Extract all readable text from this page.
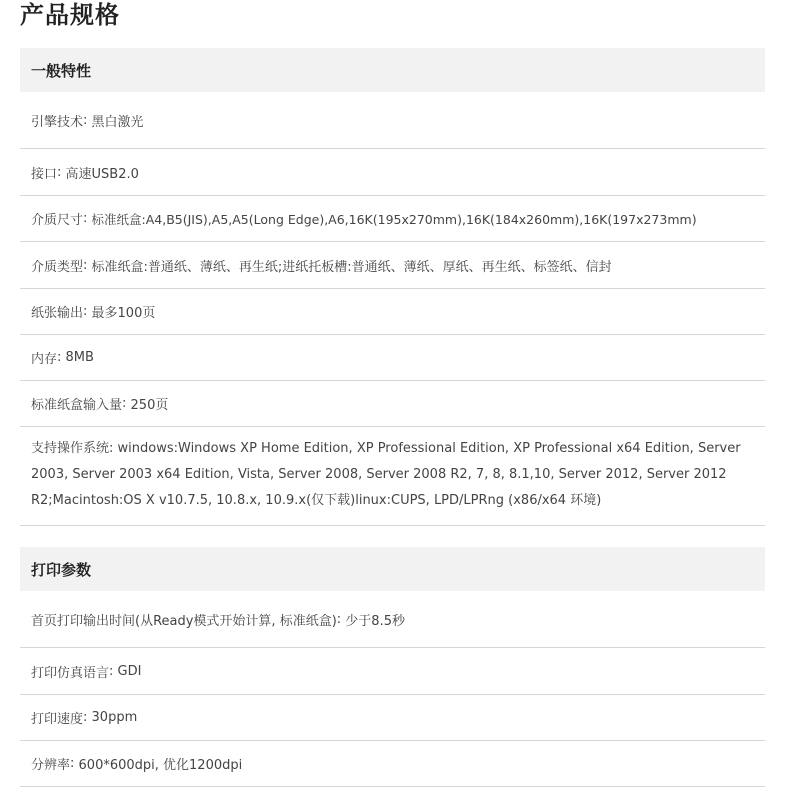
产品规格
一般特性
引擎技术 : 黑白激光
接口 : 高速USB2.0
介质尺寸 : 标准纸盒:A4,B5(JIS),A5,A5(Long Edge),A6,16K(195x270mm),16K(184x260mm),16K(197x273mm)
介质类型 : 标准纸盒:普通纸、薄纸、再生纸;进纸托板槽:普通纸、薄纸、厚纸、再生纸、标签纸、信封
纸张输出 : 最多100页
内存 : 8MB
标准纸盒输入量 : 250页
支持操作系统: windows:Windows XP Home Edition, XP Professional Edition, XP Professional x64 Edition, Server 2003, Server 2003 x64 Edition, Vista, Server 2008, Server 2008 R2, 7, 8, 8.1,10, Server 2012, Server 2012 R2;Macintosh:OS X v10.7.5, 10.8.x, 10.9.x(仅下载)linux:CUPS, LPD/LPRng (x86/x64 环境)
打印参数
首页打印输出时间(从Ready模式开始计算, 标准纸盒) : 少于8.5秒
打印仿真语言 : GDI
打印速度 : 30ppm
分辨率 : 600*600dpi, 优化1200dpi
